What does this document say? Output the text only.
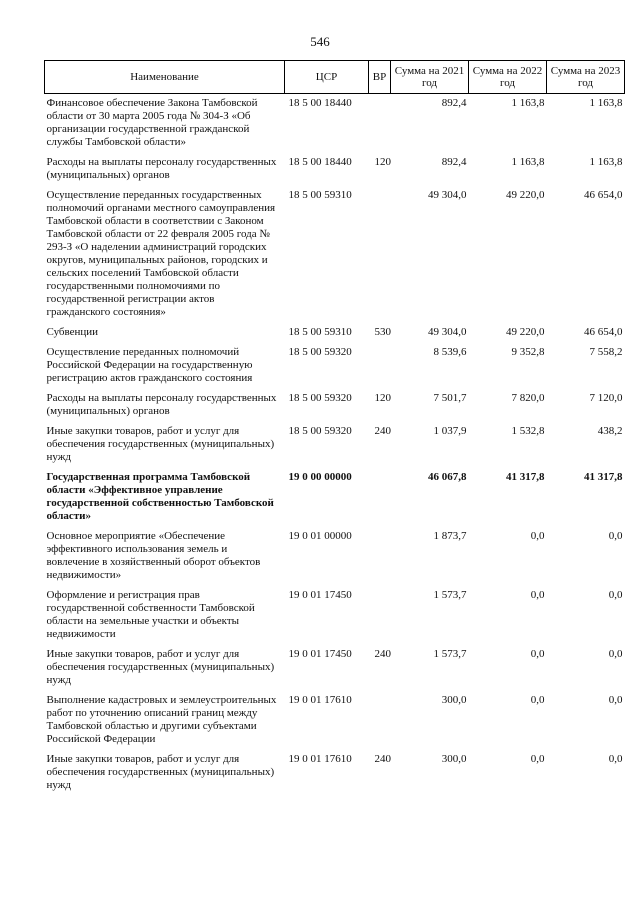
546
Наименование	ЦСР	ВР	Сумма на 2021 год	Сумма на 2022 год	Сумма на 2023 год
Финансовое обеспечение Закона Тамбовской области от 30 марта 2005 года № 304-З «Об организации государственной гражданской службы Тамбовской области»	18 5 00 18440		892,4	1 163,8	1 163,8
Расходы на выплаты персоналу государственных (муниципальных) органов	18 5 00 18440	120	892,4	1 163,8	1 163,8
Осуществление переданных государственных полномочий органами местного самоуправления Тамбовской области в соответствии с Законом Тамбовской области от 22 февраля 2005 года № 293-З «О наделении администраций городских округов, муниципальных районов, городских и сельских поселений Тамбовской области государственными полномочиями по государственной регистрации актов гражданского состояния»	18 5 00 59310		49 304,0	49 220,0	46 654,0
Субвенции	18 5 00 59310	530	49 304,0	49 220,0	46 654,0
Осуществление переданных полномочий Российской Федерации на государственную регистрацию актов гражданского состояния	18 5 00 59320		8 539,6	9 352,8	7 558,2
Расходы на выплаты персоналу государственных (муниципальных) органов	18 5 00 59320	120	7 501,7	7 820,0	7 120,0
Иные закупки товаров, работ и услуг для обеспечения государственных (муниципальных) нужд	18 5 00 59320	240	1 037,9	1 532,8	438,2
Государственная программа Тамбовской области «Эффективное управление государственной собственностью Тамбовской области»	19 0 00 00000		46 067,8	41 317,8	41 317,8
Основное мероприятие «Обеспечение эффективного использования земель и вовлечение в хозяйственный оборот объектов недвижимости»	19 0 01 00000		1 873,7	0,0	0,0
Оформление и регистрация прав государственной собственности Тамбовской области на земельные участки и объекты недвижимости	19 0 01 17450		1 573,7	0,0	0,0
Иные закупки товаров, работ и услуг для обеспечения государственных (муниципальных) нужд	19 0 01 17450	240	1 573,7	0,0	0,0
Выполнение кадастровых и землеустроительных работ по уточнению описаний границ между Тамбовской областью и другими субъектами Российской Федерации	19 0 01 17610		300,0	0,0	0,0
Иные закупки товаров, работ и услуг для обеспечения государственных (муниципальных) нужд	19 0 01 17610	240	300,0	0,0	0,0
